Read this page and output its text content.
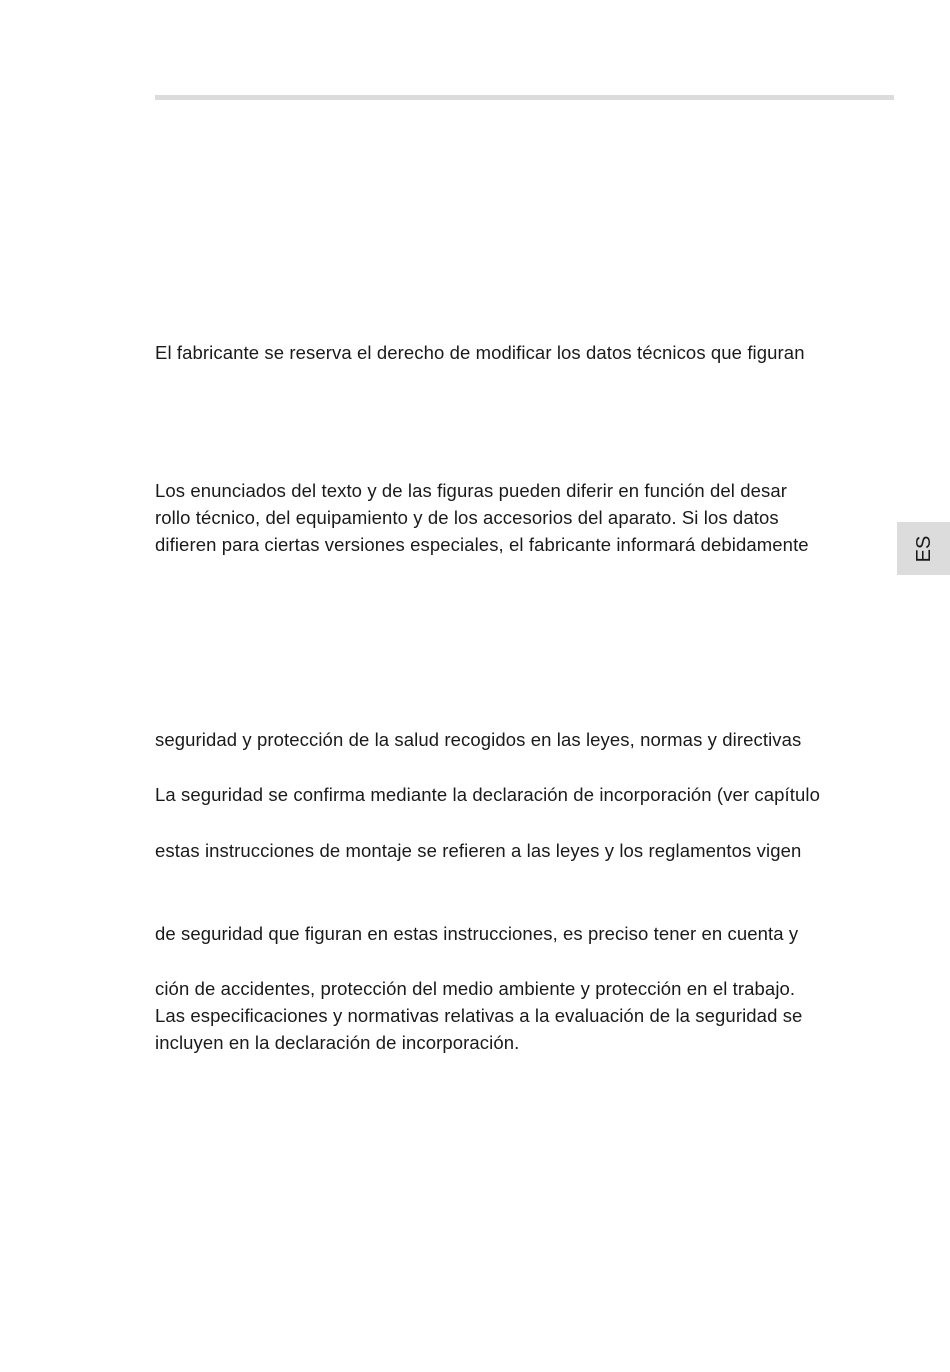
El fabricante se reserva el derecho de modificar los datos técnicos que figuran
Los enunciados del texto y de las figuras pueden diferir en función del desar
rollo técnico, del equipamiento y de los accesorios del aparato. Si los datos
difieren para ciertas versiones especiales, el fabricante informará debidamente
seguridad y protección de la salud recogidos en las leyes, normas y directivas
La seguridad se confirma mediante la declaración de incorporación (ver capítulo
estas instrucciones de montaje se refieren a las leyes y los reglamentos vigen
de seguridad que figuran en estas instrucciones, es preciso tener en cuenta y
ción de accidentes, protección del medio ambiente y protección en el trabajo.
Las especificaciones y normativas relativas a la evaluación de la seguridad se
incluyen en la declaración de incorporación.
ES
